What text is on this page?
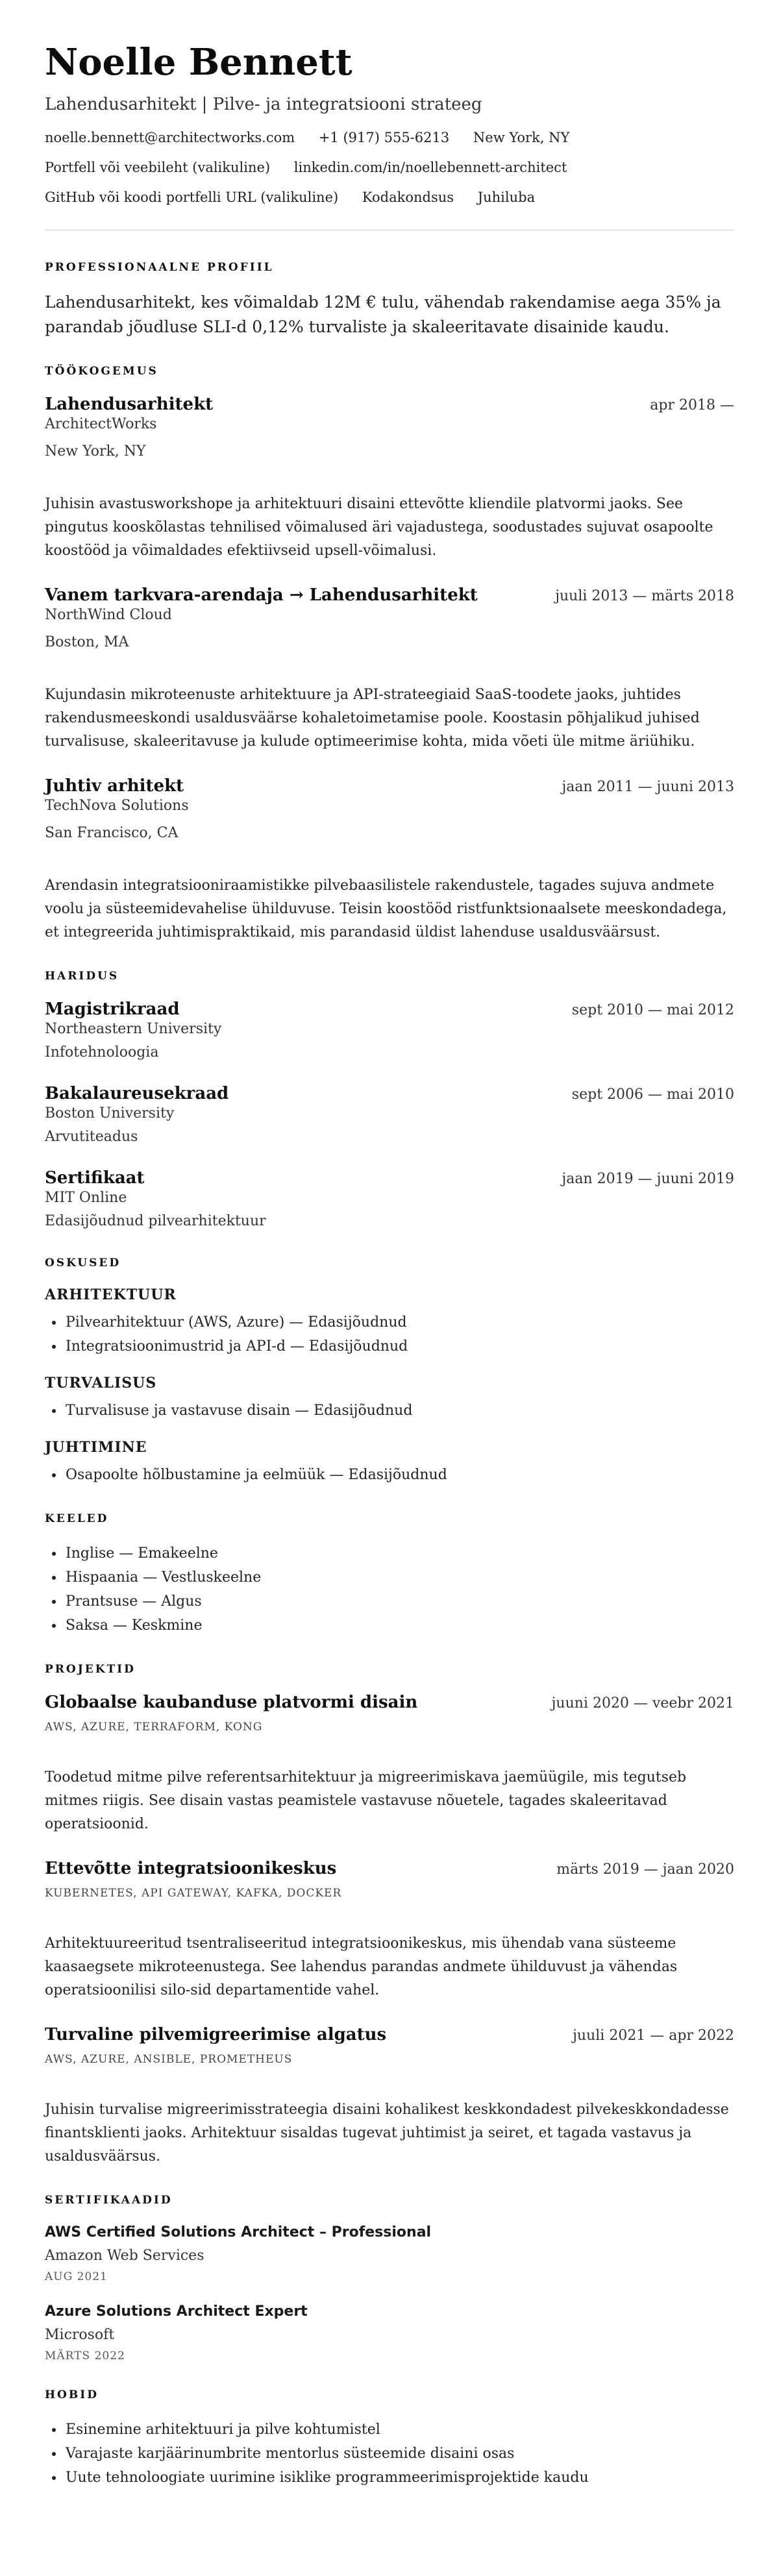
Noelle Bennett
Lahendusarhitekt | Pilve- ja integratsiooni strateeg
noelle.bennett@architectworks.com +1 (917) 555-6213 New York, NY
Portfell või veebileht (valikuline) linkedin.com/in/noellebennett-architect
GitHub või koodi portfelli URL (valikuline) Kodakondsus Juhiluba
PROFESSIONAALNE PROFIIL
Lahendusarhitekt, kes võimaldab 12M € tulu, vähendab rakendamise aega 35% ja parandab jõudluse SLI-d 0,12% turvaliste ja skaleeritavate disainide kaudu.
TÖÖKOGEMUS
Lahendusarhitekt	apr 2018 —
ArchitectWorks
New York, NY
Juhisin avastusworkshope ja arhitektuuri disaini ettevõtte kliendile platvormi jaoks. See pingutus kooskõlastas tehnilised võimalused äri vajadustega, soodustades sujuvat osapoolte koostööd ja võimaldades efektiivseid upsell-võimalusi.
Vanem tarkvara-arendaja → Lahendusarhitekt	juuli 2013 — märts 2018
NorthWind Cloud
Boston, MA
Kujundasin mikroteenuste arhitektuure ja API-strateegiaid SaaS-toodete jaoks, juhtides rakendusmeeskondi usaldusväärse kohaletoimetamise poole. Koostasin põhjalikud juhised turvalisuse, skaleeritavuse ja kulude optimeerimise kohta, mida võeti üle mitme äriühiku.
Juhtiv arhitekt	jaan 2011 — juuni 2013
TechNova Solutions
San Francisco, CA
Arendasin integratsiooniraamistikke pilvebaasilistele rakendustele, tagades sujuva andmete voolu ja süsteemidevahelise ühilduvuse. Teisin koostööd ristfunktsionaalsete meeskondadega, et integreerida juhtimispraktikaid, mis parandasid üldist lahenduse usaldusväärsust.
HARIDUS
Magistrikraad	sept 2010 — mai 2012
Northeastern University
Infotehnoloogia
Bakalaureusekraad	sept 2006 — mai 2010
Boston University
Arvutiteadus
Sertifikaat	jaan 2019 — juuni 2019
MIT Online
Edasijõudnud pilvearhitektuur
OSKUSED
ARHITEKTUUR
• Pilvearhitektuur (AWS, Azure) — Edasijõudnud
• Integratsioonimustrid ja API-d — Edasijõudnud
TURVALISUS
• Turvalisuse ja vastavuse disain — Edasijõudnud
JUHTIMINE
• Osapoolte hõlbustamine ja eelmüük — Edasijõudnud
KEELED
• Inglise — Emakeelne
• Hispaania — Vestluskeelne
• Prantsuse — Algus
• Saksa — Keskmine
PROJEKTID
Globaalse kaubanduse platvormi disain	juuni 2020 — veebr 2021
AWS, AZURE, TERRAFORM, KONG
Toodetud mitme pilve referentsarhitektuur ja migreerimiskava jaemüügile, mis tegutseb mitmes riigis. See disain vastas peamistele vastavuse nõuetele, tagades skaleeritavad operatsioonid.
Ettevõtte integratsioonikeskus	märts 2019 — jaan 2020
KUBERNETES, API GATEWAY, KAFKA, DOCKER
Arhitektuureeritud tsentraliseeritud integratsioonikeskus, mis ühendab vana süsteeme kaasaegsete mikroteenustega. See lahendus parandas andmete ühilduvust ja vähendas operatsioonilisi silo-sid departamentide vahel.
Turvaline pilvemigreerimise algatus	juuli 2021 — apr 2022
AWS, AZURE, ANSIBLE, PROMETHEUS
Juhisin turvalise migreerimisstrateegia disaini kohalikest keskkondadest pilvekeskkondadesse finantsklienti jaoks. Arhitektuur sisaldas tugevat juhtimist ja seiret, et tagada vastavus ja usaldusväärsus.
SERTIFIKAADID
AWS Certified Solutions Architect – Professional
Amazon Web Services
AUG 2021
Azure Solutions Architect Expert
Microsoft
MÄRTS 2022
HOBID
• Esinemine arhitektuuri ja pilve kohtumistel
• Varajaste karjäärinumbrite mentorlus süsteemide disaini osas
• Uute tehnoloogiate uurimine isiklike programmeerimisprojektide kaudu
